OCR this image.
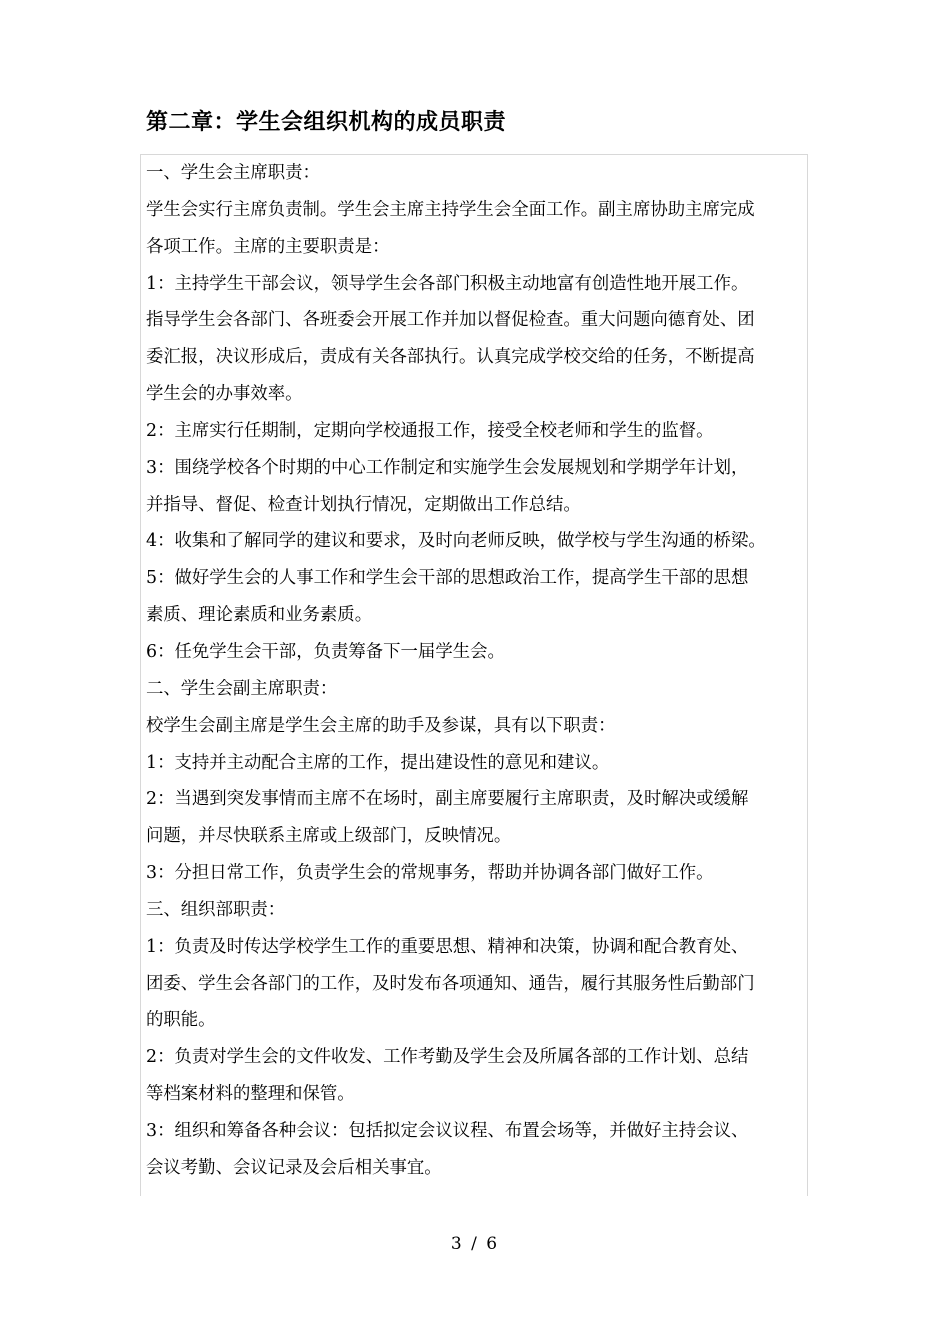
第二章：学生会组织机构的成员职责
一、学生会主席职责：
学生会实行主席负责制。学生会主席主持学生会全面工作。副主席协助主席完成
各项工作。主席的主要职责是：
1：主持学生干部会议，领导学生会各部门积极主动地富有创造性地开展工作。
指导学生会各部门、各班委会开展工作并加以督促检查。重大问题向德育处、团
委汇报，决议形成后，责成有关各部执行。认真完成学校交给的任务，不断提高
学生会的办事效率。
2：主席实行任期制，定期向学校通报工作，接受全校老师和学生的监督。
3：围绕学校各个时期的中心工作制定和实施学生会发展规划和学期学年计划，
并指导、督促、检查计划执行情况，定期做出工作总结。
4：收集和了解同学的建议和要求，及时向老师反映，做学校与学生沟通的桥梁。
5：做好学生会的人事工作和学生会干部的思想政治工作，提高学生干部的思想
素质、理论素质和业务素质。
6：任免学生会干部，负责筹备下一届学生会。
二、学生会副主席职责：
校学生会副主席是学生会主席的助手及参谋，具有以下职责：
1：支持并主动配合主席的工作，提出建设性的意见和建议。
2：当遇到突发事情而主席不在场时，副主席要履行主席职责，及时解决或缓解
问题，并尽快联系主席或上级部门，反映情况。
3：分担日常工作，负责学生会的常规事务，帮助并协调各部门做好工作。
三、组织部职责：
1：负责及时传达学校学生工作的重要思想、精神和决策，协调和配合教育处、
团委、学生会各部门的工作，及时发布各项通知、通告，履行其服务性后勤部门
的职能。
2：负责对学生会的文件收发、工作考勤及学生会及所属各部的工作计划、总结
等档案材料的整理和保管。
3：组织和筹备各种会议：包括拟定会议议程、布置会场等，并做好主持会议、
会议考勤、会议记录及会后相关事宜。
3 / 6
